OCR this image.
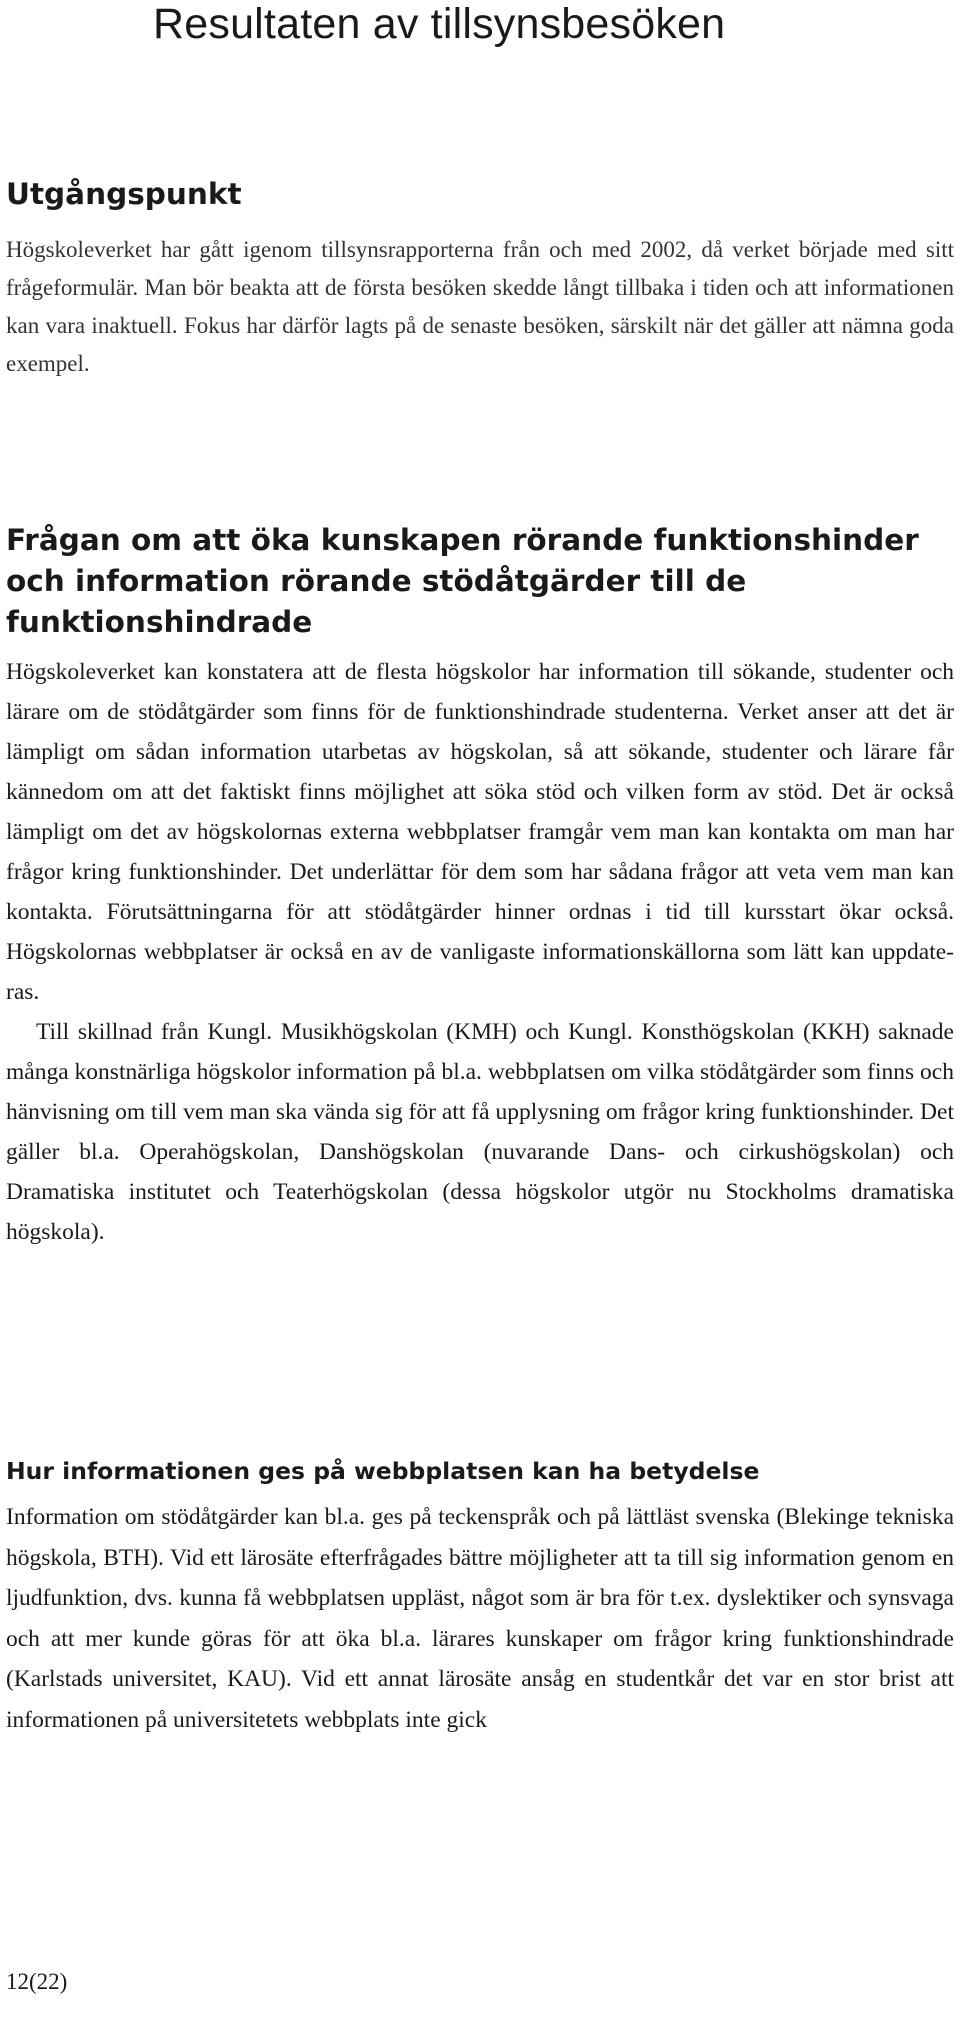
Resultaten av tillsynsbesöken
Utgångspunkt

Högskoleverket har gått igenom tillsynsrapporterna från och med 2002, då verket började med sitt frågeformulär. Man bör beakta att de första besöken skedde långt tillbaka i tiden och att informationen kan vara inaktuell. Fokus har därför lagts på de senaste besöken, särskilt när det gäller att nämna goda exempel.

Frågan om att öka kunskapen rörande funktionshinder och information rörande stödåtgärder till de funktionshindrade

Högskoleverket kan konstatera att de flesta högskolor har information till sökande, studenter och lärare om de stödåtgärder som finns för de funktionshindrade studenterna. Verket anser att det är lämpligt om sådan information utarbetas av högskolan, så att sökande, studenter och lärare får kännedom om att det faktiskt finns möjlighet att söka stöd och vilken form av stöd. Det är också lämpligt om det av högskolornas externa webbplatser framgår vem man kan kontakta om man har frågor kring funktionshinder. Det underlättar för dem som har sådana frågor att veta vem man kan kontakta. Förutsättningarna för att stödåtgärder hinner ordnas i tid till kursstart ökar också. Högskolornas webbplatser är också en av de vanligaste informationskällorna som lätt kan uppdateras.

Till skillnad från Kungl. Musikhögskolan (KMH) och Kungl. Konsthögskolan (KKH) saknade många konstnärliga högskolor information på bl.a. webbplatsen om vilka stödåtgärder som finns och hänvisning om till vem man ska vända sig för att få upplysning om frågor kring funktionshinder. Det gäller bl.a. Operahögskolan, Danshögskolan (nuvarande Dans- och cirkushögskolan) och Dramatiska institutet och Teaterhögskolan (dessa högskolor utgör nu Stockholms dramatiska högskola).

Hur informationen ges på webbplatsen kan ha betydelse

Information om stödåtgärder kan bl.a. ges på teckenspråk och på lättläst svenska (Blekinge tekniska högskola, BTH). Vid ett lärosäte efterfrågades bättre möjligheter att ta till sig information genom en ljudfunktion, dvs. kunna få webbplatsen uppläst, något som är bra för t.ex. dyslektiker och synsvaga och att mer kunde göras för att öka bl.a. lärares kunskaper om frågor kring funktionshindrade (Karlstads universitet, KAU). Vid ett annat lärosäte ansåg en studentkår det var en stor brist att informationen på universitetets webbplats inte gick

12(22)
